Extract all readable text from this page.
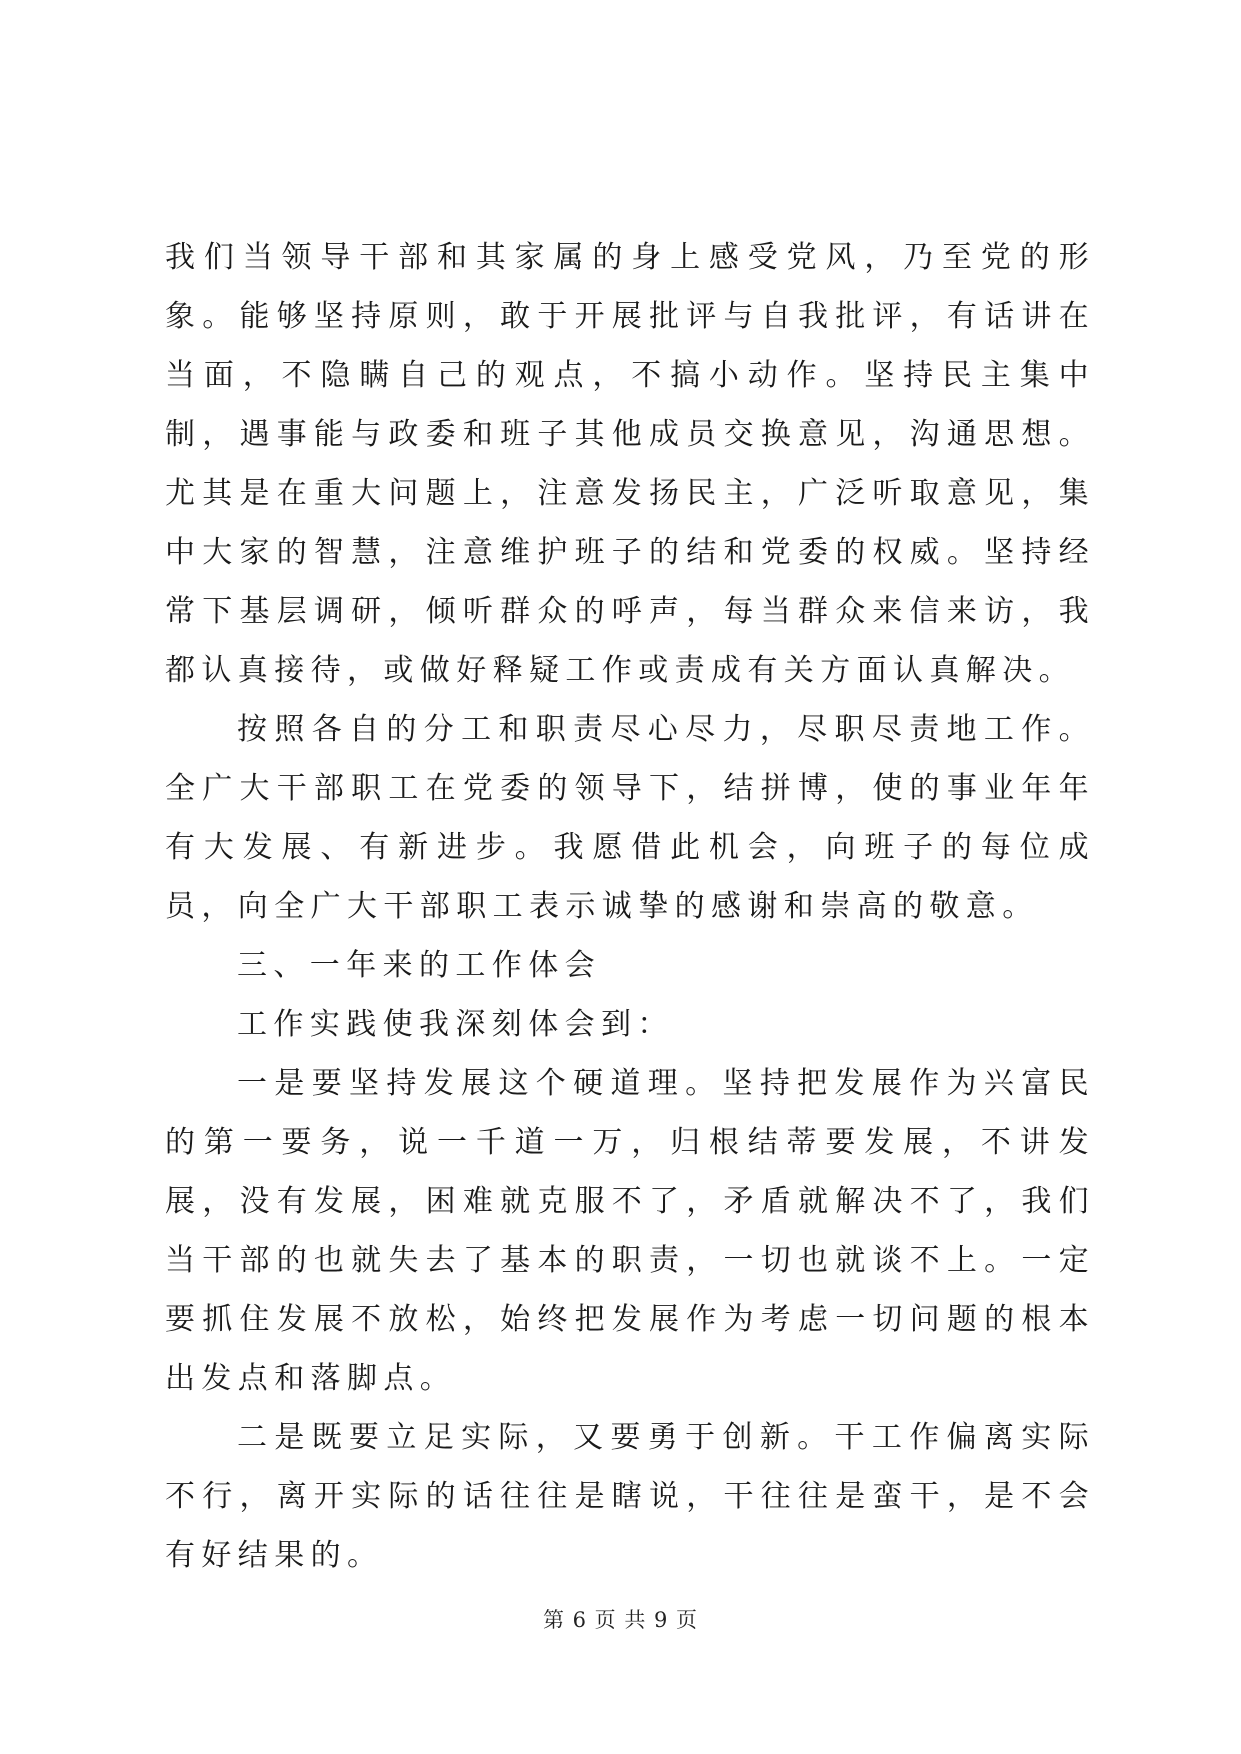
我们当领导干部和其家属的身上感受党风，乃至党的形象。能够坚持原则，敢于开展批评与自我批评，有话讲在当面，不隐瞒自己的观点，不搞小动作。坚持民主集中制，遇事能与政委和班子其他成员交换意见，沟通思想。尤其是在重大问题上，注意发扬民主，广泛听取意见，集中大家的智慧，注意维护班子的结和党委的权威。坚持经常下基层调研，倾听群众的呼声，每当群众来信来访，我都认真接待，或做好释疑工作或责成有关方面认真解决。

按照各自的分工和职责尽心尽力，尽职尽责地工作。全广大干部职工在党委的领导下，结拼博，使的事业年年有大发展、有新进步。我愿借此机会，向班子的每位成员，向全广大干部职工表示诚挚的感谢和崇高的敬意。

三、一年来的工作体会

工作实践使我深刻体会到：

一是要坚持发展这个硬道理。坚持把发展作为兴富民的第一要务，说一千道一万，归根结蒂要发展，不讲发展，没有发展，困难就克服不了，矛盾就解决不了，我们当干部的也就失去了基本的职责，一切也就谈不上。一定要抓住发展不放松，始终把发展作为考虑一切问题的根本出发点和落脚点。

二是既要立足实际，又要勇于创新。干工作偏离实际不行，离开实际的话往往是瞎说，干往往是蛮干，是不会有好结果的。

第 6 页 共 9 页
